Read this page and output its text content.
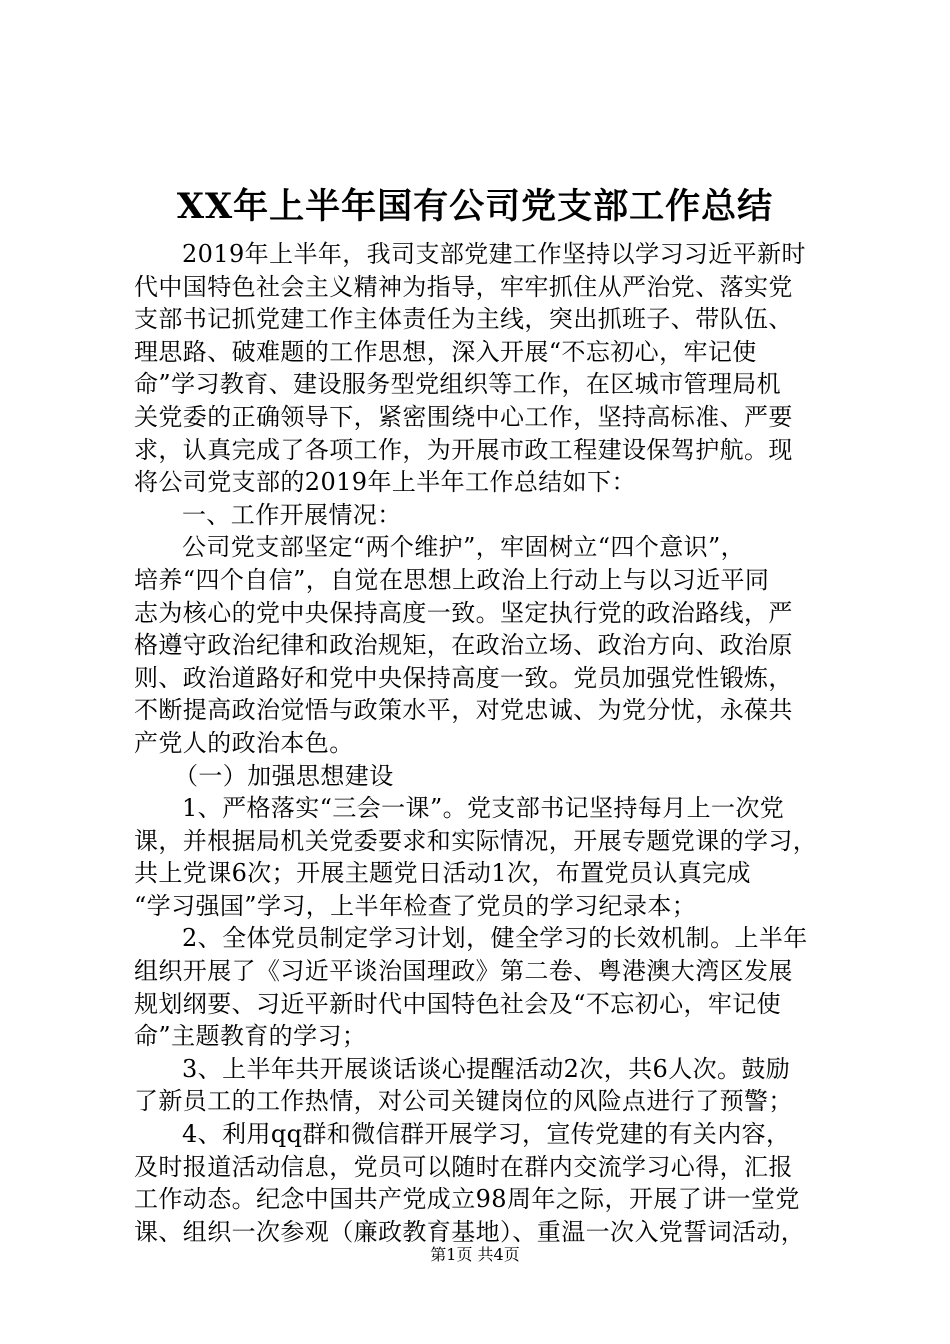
XX年上半年国有公司党支部工作总结
2019年上半年，我司支部党建工作坚持以学习习近平新时
代中国特色社会主义精神为指导，牢牢抓住从严治党、落实党
支部书记抓党建工作主体责任为主线，突出抓班子、带队伍、
理思路、破难题的工作思想，深入开展“不忘初心，牢记使
命”学习教育、建设服务型党组织等工作，在区城市管理局机
关党委的正确领导下，紧密围绕中心工作，坚持高标准、严要
求，认真完成了各项工作，为开展市政工程建设保驾护航。现
将公司党支部的2019年上半年工作总结如下：
一、工作开展情况：
公司党支部坚定“两个维护”，牢固树立“四个意识”，
培养“四个自信”，自觉在思想上政治上行动上与以习近平同
志为核心的党中央保持高度一致。坚定执行党的政治路线，严
格遵守政治纪律和政治规矩，在政治立场、政治方向、政治原
则、政治道路好和党中央保持高度一致。党员加强党性锻炼，
不断提高政治觉悟与政策水平，对党忠诚、为党分忧，永葆共
产党人的政治本色。
（一）加强思想建设
1、严格落实“三会一课”。党支部书记坚持每月上一次党
课，并根据局机关党委要求和实际情况，开展专题党课的学习，
共上党课6次；开展主题党日活动1次，布置党员认真完成
“学习强国”学习，上半年检查了党员的学习纪录本；
2、全体党员制定学习计划，健全学习的长效机制。上半年
组织开展了《习近平谈治国理政》第二卷、粤港澳大湾区发展
规划纲要、习近平新时代中国特色社会及“不忘初心，牢记使
命”主题教育的学习；
3、上半年共开展谈话谈心提醒活动2次，共6人次。鼓励
了新员工的工作热情，对公司关键岗位的风险点进行了预警；
4、利用qq群和微信群开展学习，宣传党建的有关内容，
及时报道活动信息，党员可以随时在群内交流学习心得，汇报
工作动态。纪念中国共产党成立98周年之际，开展了讲一堂党
课、组织一次参观（廉政教育基地）、重温一次入党誓词活动，
第1页 共4页
